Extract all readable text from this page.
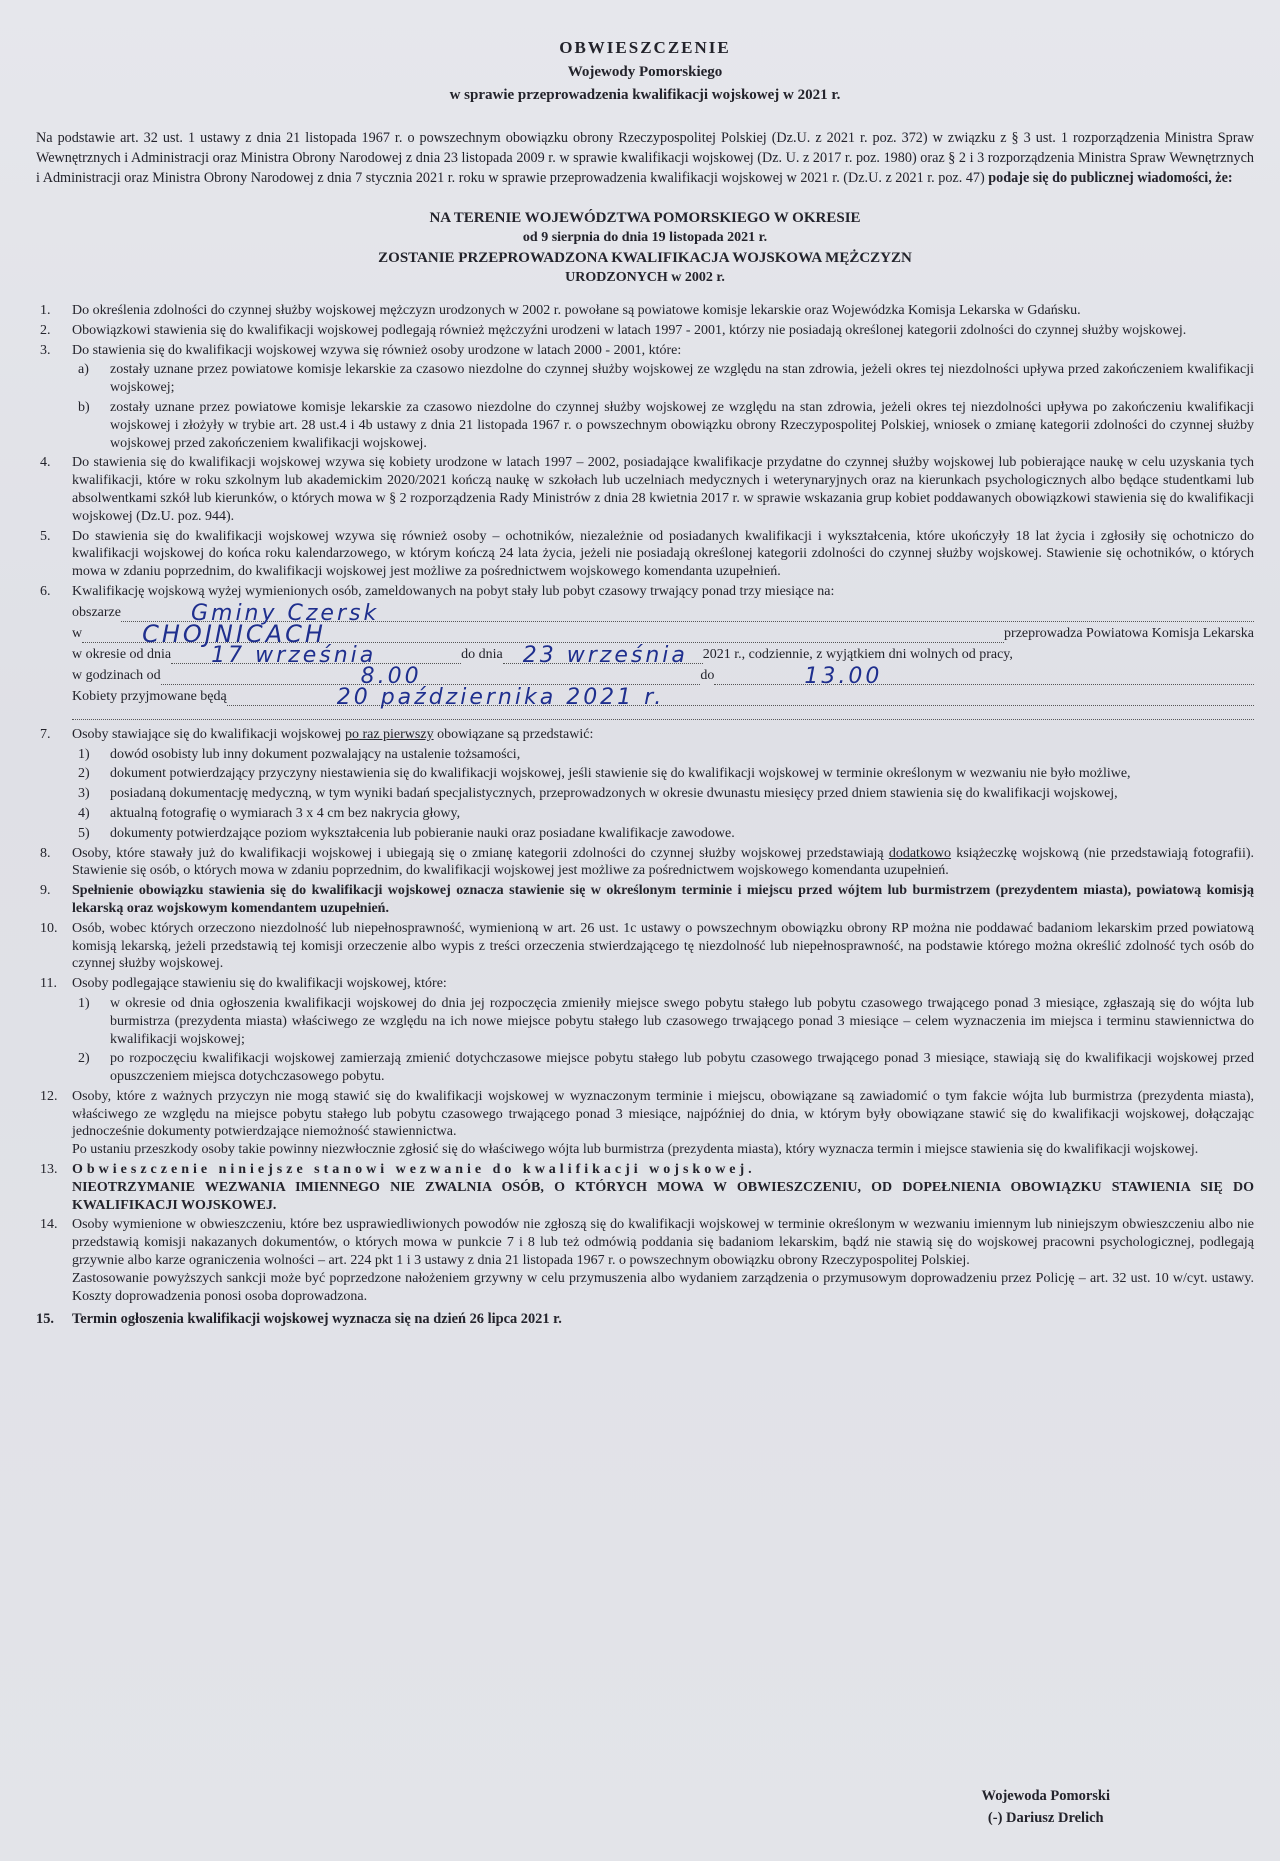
OBWIESZCZENIE
Wojewody Pomorskiego
w sprawie przeprowadzenia kwalifikacji wojskowej w 2021 r.

Na podstawie art. 32 ust. 1 ustawy z dnia 21 listopada 1967 r. o powszechnym obowiązku obrony Rzeczypospolitej Polskiej (Dz.U. z 2021 r. poz. 372) w związku z § 3 ust. 1 rozporządzenia Ministra Spraw Wewnętrznych i Administracji oraz Ministra Obrony Narodowej z dnia 23 listopada 2009 r. w sprawie kwalifikacji wojskowej (Dz. U. z 2017 r. poz. 1980) oraz § 2 i 3 rozporządzenia Ministra Spraw Wewnętrznych i Administracji oraz Ministra Obrony Narodowej z dnia 7 stycznia 2021 r. roku w sprawie przeprowadzenia kwalifikacji wojskowej w 2021 r. (Dz.U. z 2021 r. poz. 47) podaje się do publicznej wiadomości, że:

NA TERENIE WOJEWÓDZTWA POMORSKIEGO W OKRESIE
od 9 sierpnia do dnia 19 listopada 2021 r.
ZOSTANIE PRZEPROWADZONA KWALIFIKACJA WOJSKOWA MĘŻCZYZN
URODZONYCH w 2002 r.
1.	Do określenia zdolności do czynnej służby wojskowej mężczyzn urodzonych w 2002 r. powołane są powiatowe komisje lekarskie oraz Wojewódzka Komisja Lekarska w Gdańsku.
2.	Obowiązkowi stawienia się do kwalifikacji wojskowej podlegają również mężczyźni urodzeni w latach 1997 - 2001, którzy nie posiadają określonej kategorii zdolności do czynnej służby wojskowej.
3.	Do stawienia się do kwalifikacji wojskowej wzywa się również osoby urodzone w latach 2000 - 2001, które:
a)	zostały uznane przez powiatowe komisje lekarskie za czasowo niezdolne do czynnej służby wojskowej ze względu na stan zdrowia, jeżeli okres tej niezdolności upływa przed zakończeniem kwalifikacji wojskowej;
b)	zostały uznane przez powiatowe komisje lekarskie za czasowo niezdolne do czynnej służby wojskowej ze względu na stan zdrowia, jeżeli okres tej niezdolności upływa po zakończeniu kwalifikacji wojskowej i złożyły w trybie art. 28 ust.4 i 4b ustawy z dnia 21 listopada 1967 r. o powszechnym obowiązku obrony Rzeczypospolitej Polskiej, wniosek o zmianę kategorii zdolności do czynnej służby wojskowej przed zakończeniem kwalifikacji wojskowej.
4.	Do stawienia się do kwalifikacji wojskowej wzywa się kobiety urodzone w latach 1997 – 2002, posiadające kwalifikacje przydatne do czynnej służby wojskowej lub pobierające naukę w celu uzyskania tych kwalifikacji, które w roku szkolnym lub akademickim 2020/2021 kończą naukę w szkołach lub uczelniach medycznych i weterynaryjnych oraz na kierunkach psychologicznych albo będące studentkami lub absolwentkami szkół lub kierunków, o których mowa w § 2 rozporządzenia Rady Ministrów z dnia 28 kwietnia 2017 r. w sprawie wskazania grup kobiet poddawanych obowiązkowi stawienia się do kwalifikacji wojskowej (Dz.U. poz. 944).
5.	Do stawienia się do kwalifikacji wojskowej wzywa się również osoby – ochotników, niezależnie od posiadanych kwalifikacji i wykształcenia, które ukończyły 18 lat życia i zgłosiły się ochotniczo do kwalifikacji wojskowej do końca roku kalendarzowego, w którym kończą 24 lata życia, jeżeli nie posiadają określonej kategorii zdolności do czynnej służby wojskowej. Stawienie się ochotników, o których mowa w zdaniu poprzednim, do kwalifikacji wojskowej jest możliwe za pośrednictwem wojskowego komendanta uzupełnień.
6.	Kwalifikację wojskową wyżej wymienionych osób, zameldowanych na pobyt stały lub pobyt czasowy trwający ponad trzy miesiące na:
obszarze	Gminy Czersk
w	CHOJNICACH	przeprowadza Powiatowa Komisja Lekarska
w okresie od dnia 17 września	do dnia 23 września 2021 r., codziennie, z wyjątkiem dni wolnych od pracy,
w godzinach od	8.00	do	13.00
Kobiety przyjmowane będą	20 października 2021 r.
7.	Osoby stawiające się do kwalifikacji wojskowej po raz pierwszy obowiązane są przedstawić:
1)	dowód osobisty lub inny dokument pozwalający na ustalenie tożsamości,
2)	dokument potwierdzający przyczyny niestawienia się do kwalifikacji wojskowej, jeśli stawienie się do kwalifikacji wojskowej w terminie określonym w wezwaniu nie było możliwe,
3)	posiadaną dokumentację medyczną, w tym wyniki badań specjalistycznych, przeprowadzonych w okresie dwunastu miesięcy przed dniem stawienia się do kwalifikacji wojskowej,
4)	aktualną fotografię o wymiarach 3 x 4 cm bez nakrycia głowy,
5)	dokumenty potwierdzające poziom wykształcenia lub pobieranie nauki oraz posiadane kwalifikacje zawodowe.
8.	Osoby, które stawały już do kwalifikacji wojskowej i ubiegają się o zmianę kategorii zdolności do czynnej służby wojskowej przedstawiają dodatkowo książeczkę wojskową (nie przedstawiają fotografii). Stawienie się osób, o których mowa w zdaniu poprzednim, do kwalifikacji wojskowej jest możliwe za pośrednictwem wojskowego komendanta uzupełnień.
9.	Spełnienie obowiązku stawienia się do kwalifikacji wojskowej oznacza stawienie się w określonym terminie i miejscu przed wójtem lub burmistrzem (prezydentem miasta), powiatową komisją lekarską oraz wojskowym komendantem uzupełnień.
10.	Osób, wobec których orzeczono niezdolność lub niepełnosprawność, wymienioną w art. 26 ust. 1c ustawy o powszechnym obowiązku obrony RP można nie poddawać badaniom lekarskim przed powiatową komisją lekarską, jeżeli przedstawią tej komisji orzeczenie albo wypis z treści orzeczenia stwierdzającego tę niezdolność lub niepełnosprawność, na podstawie którego można określić zdolność tych osób do czynnej służby wojskowej.
11.	Osoby podlegające stawieniu się do kwalifikacji wojskowej, które:
1)	w okresie od dnia ogłoszenia kwalifikacji wojskowej do dnia jej rozpoczęcia zmieniły miejsce swego pobytu stałego lub pobytu czasowego trwającego ponad 3 miesiące, zgłaszają się do wójta lub burmistrza (prezydenta miasta) właściwego ze względu na ich nowe miejsce pobytu stałego lub czasowego trwającego ponad 3 miesiące – celem wyznaczenia im miejsca i terminu stawiennictwa do kwalifikacji wojskowej;
2)	po rozpoczęciu kwalifikacji wojskowej zamierzają zmienić dotychczasowe miejsce pobytu stałego lub pobytu czasowego trwającego ponad 3 miesiące, stawiają się do kwalifikacji wojskowej przed opuszczeniem miejsca dotychczasowego pobytu.
12.	Osoby, które z ważnych przyczyn nie mogą stawić się do kwalifikacji wojskowej w wyznaczonym terminie i miejscu, obowiązane są zawiadomić o tym fakcie wójta lub burmistrza (prezydenta miasta), właściwego ze względu na miejsce pobytu stałego lub pobytu czasowego trwającego ponad 3 miesiące, najpóźniej do dnia, w którym były obowiązane stawić się do kwalifikacji wojskowej, dołączając jednocześnie dokumenty potwierdzające niemożność stawiennictwa.
Po ustaniu przeszkody osoby takie powinny niezwłocznie zgłosić się do właściwego wójta lub burmistrza (prezydenta miasta), który wyznacza termin i miejsce stawienia się do kwalifikacji wojskowej.
13.	Obwieszczenie niniejsze stanowi wezwanie do kwalifikacji wojskowej.
NIEOTRZYMANIE WEZWANIA IMIENNEGO NIE ZWALNIA OSÓB, O KTÓRYCH MOWA W OBWIESZCZENIU, OD DOPEŁNIENIA OBOWIĄZKU STAWIENIA SIĘ DO KWALIFIKACJI WOJSKOWEJ.
14.	Osoby wymienione w obwieszczeniu, które bez usprawiedliwionych powodów nie zgłoszą się do kwalifikacji wojskowej w terminie określonym w wezwaniu imiennym lub niniejszym obwieszczeniu albo nie przedstawią komisji nakazanych dokumentów, o których mowa w punkcie 7 i 8 lub też odmówią poddania się badaniom lekarskim, bądź nie stawią się do wojskowej pracowni psychologicznej, podlegają grzywnie albo karze ograniczenia wolności – art. 224 pkt 1 i 3 ustawy z dnia 21 listopada 1967 r. o powszechnym obowiązku obrony Rzeczypospolitej Polskiej.
Zastosowanie powyższych sankcji może być poprzedzone nałożeniem grzywny w celu przymuszenia albo wydaniem zarządzenia o przymusowym doprowadzeniu przez Policję – art. 32 ust. 10 w/cyt. ustawy. Koszty doprowadzenia ponosi osoba doprowadzona.
15.	Termin ogłoszenia kwalifikacji wojskowej wyznacza się na dzień 26 lipca 2021 r.
Wojewoda Pomorski
(-) Dariusz Drelich
